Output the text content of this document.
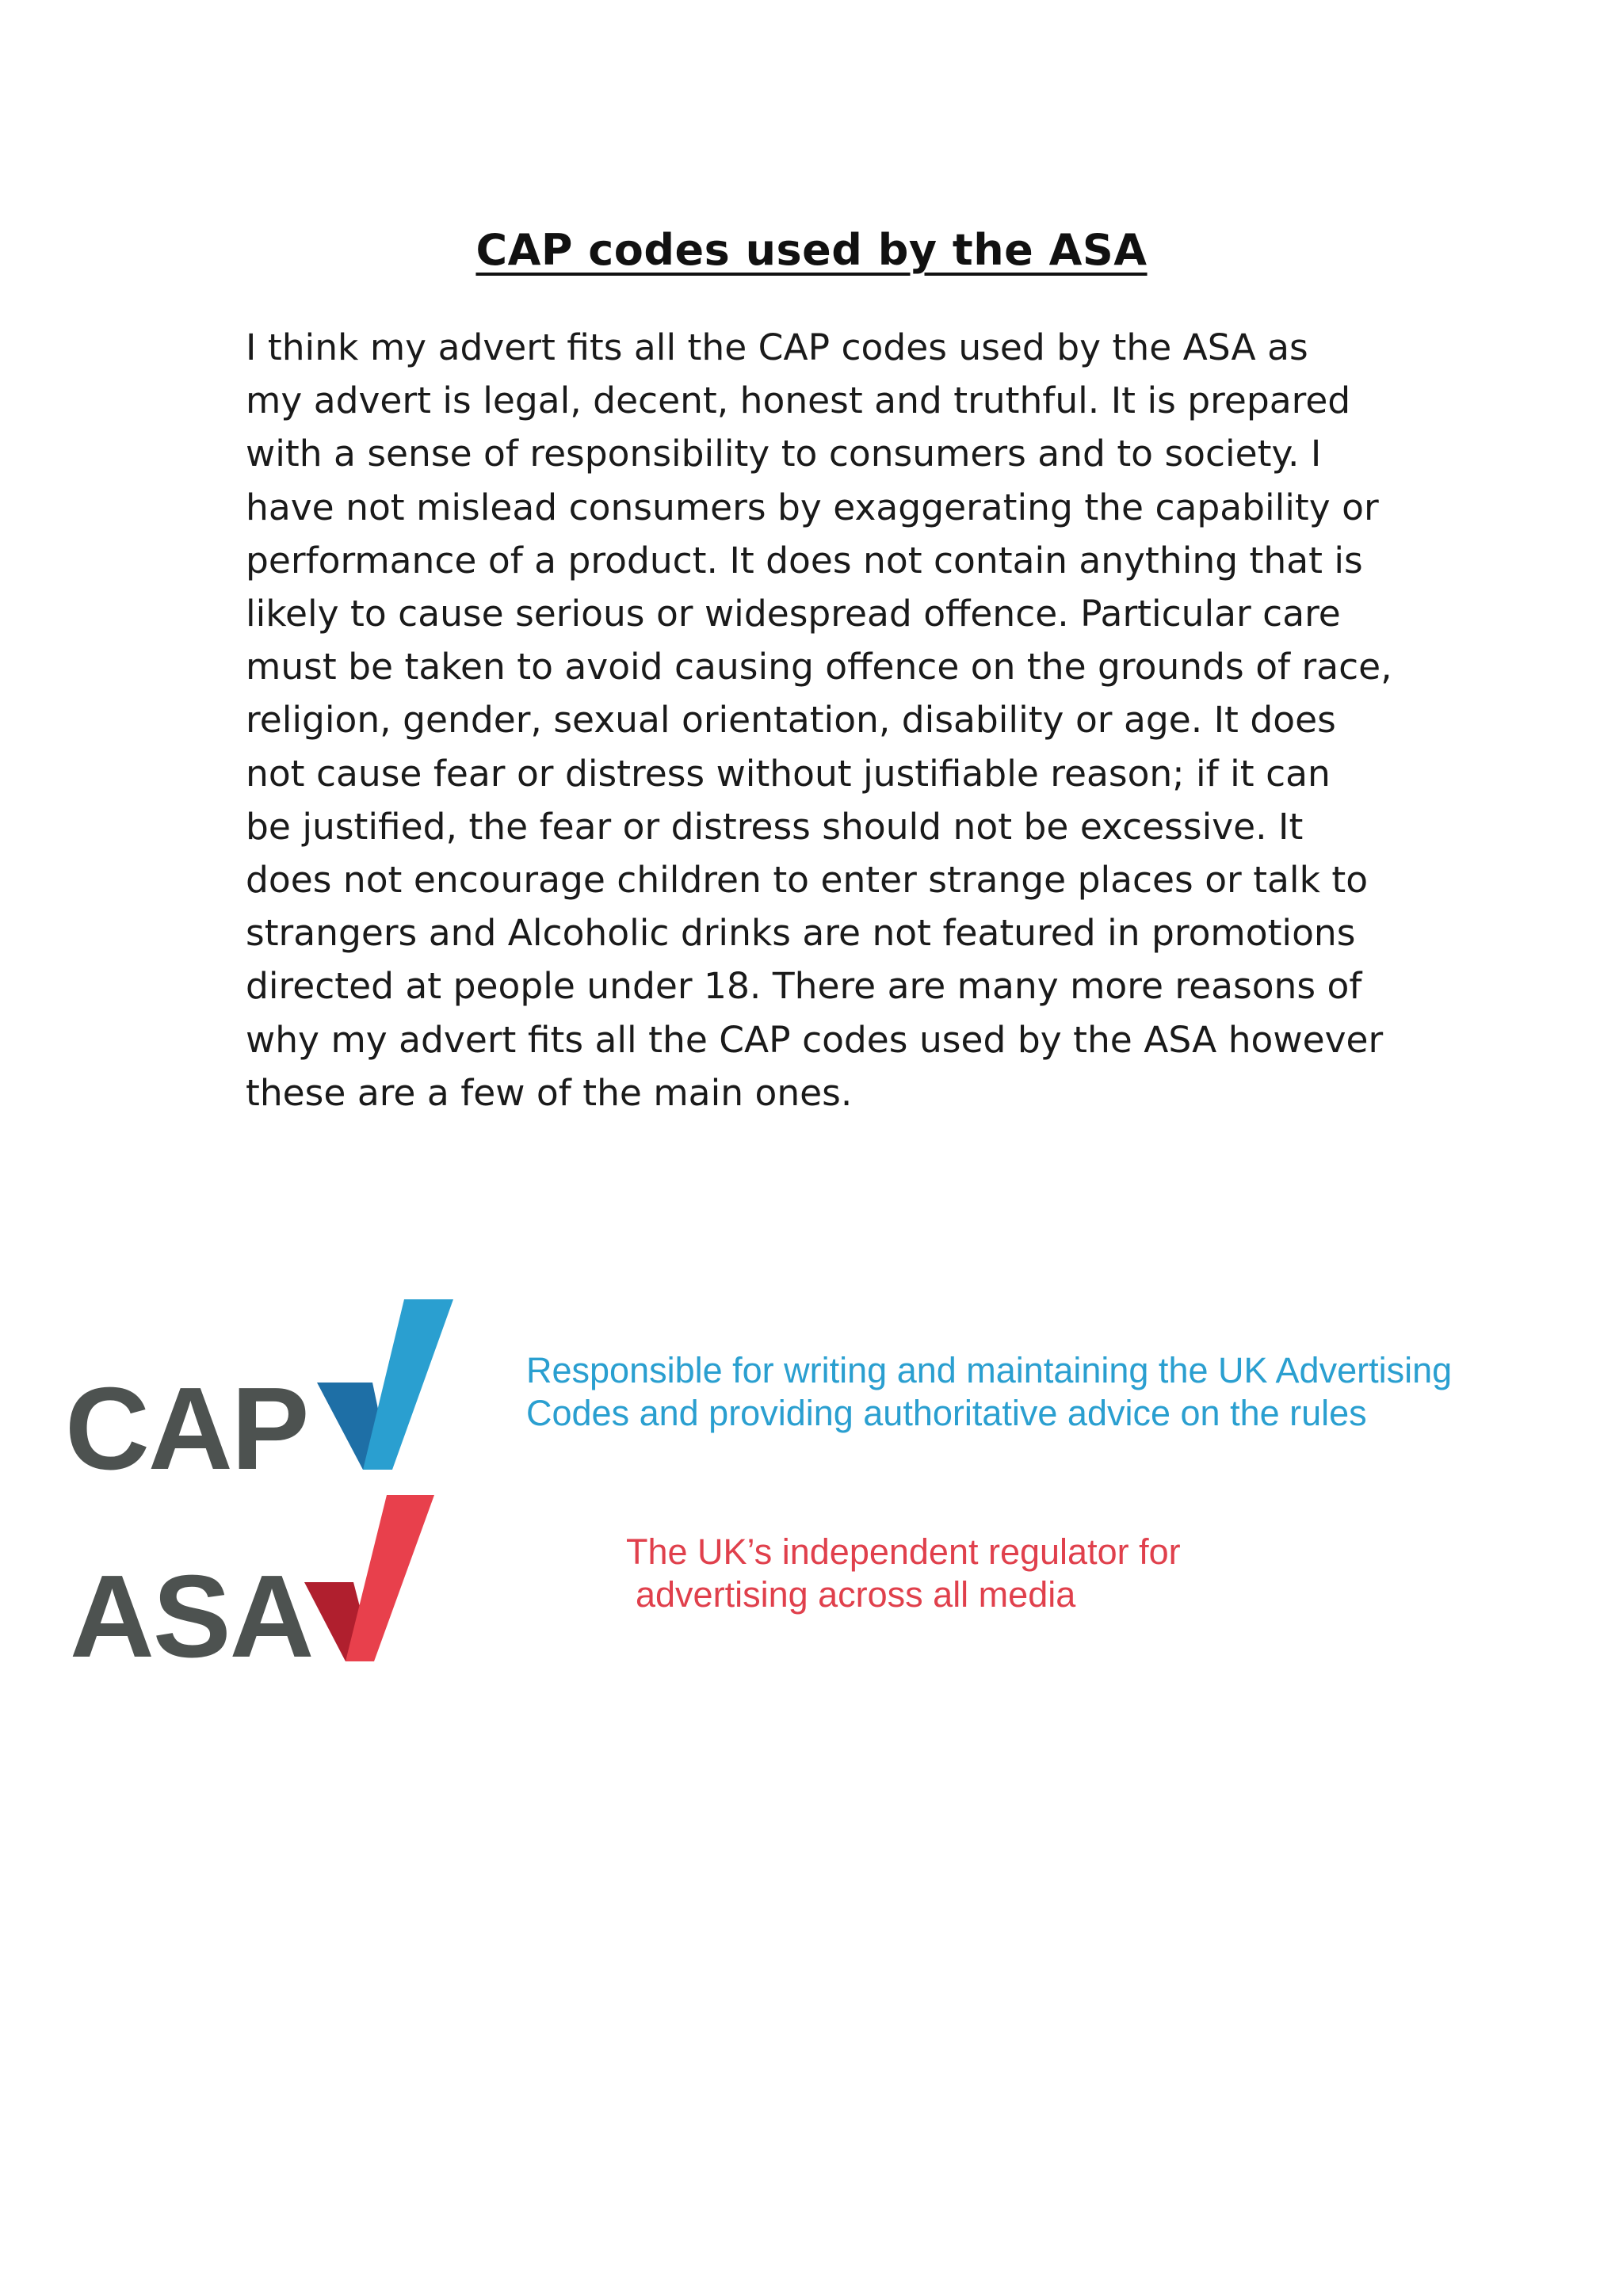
CAP codes used by the ASA

I think my advert fits all the CAP codes used by the ASA as
my advert is legal, decent, honest and truthful. It is prepared
with a sense of responsibility to consumers and to society. I
have not mislead consumers by exaggerating the capability or
performance of a product. It does not contain anything that is
likely to cause serious or widespread offence. Particular care
must be taken to avoid causing offence on the grounds of race,
religion, gender, sexual orientation, disability or age. It does
not cause fear or distress without justifiable reason; if it can
be justified, the fear or distress should not be excessive. It
does not encourage children to enter strange places or talk to
strangers and Alcoholic drinks are not featured in promotions
directed at people under 18. There are many more reasons of
why my advert fits all the CAP codes used by the ASA however
these are a few of the main ones.

CAP	Responsible for writing and maintaining the UK Advertising
Codes and providing authoritative advice on the rules

ASA	The UK’s independent regulator for
advertising across all media
